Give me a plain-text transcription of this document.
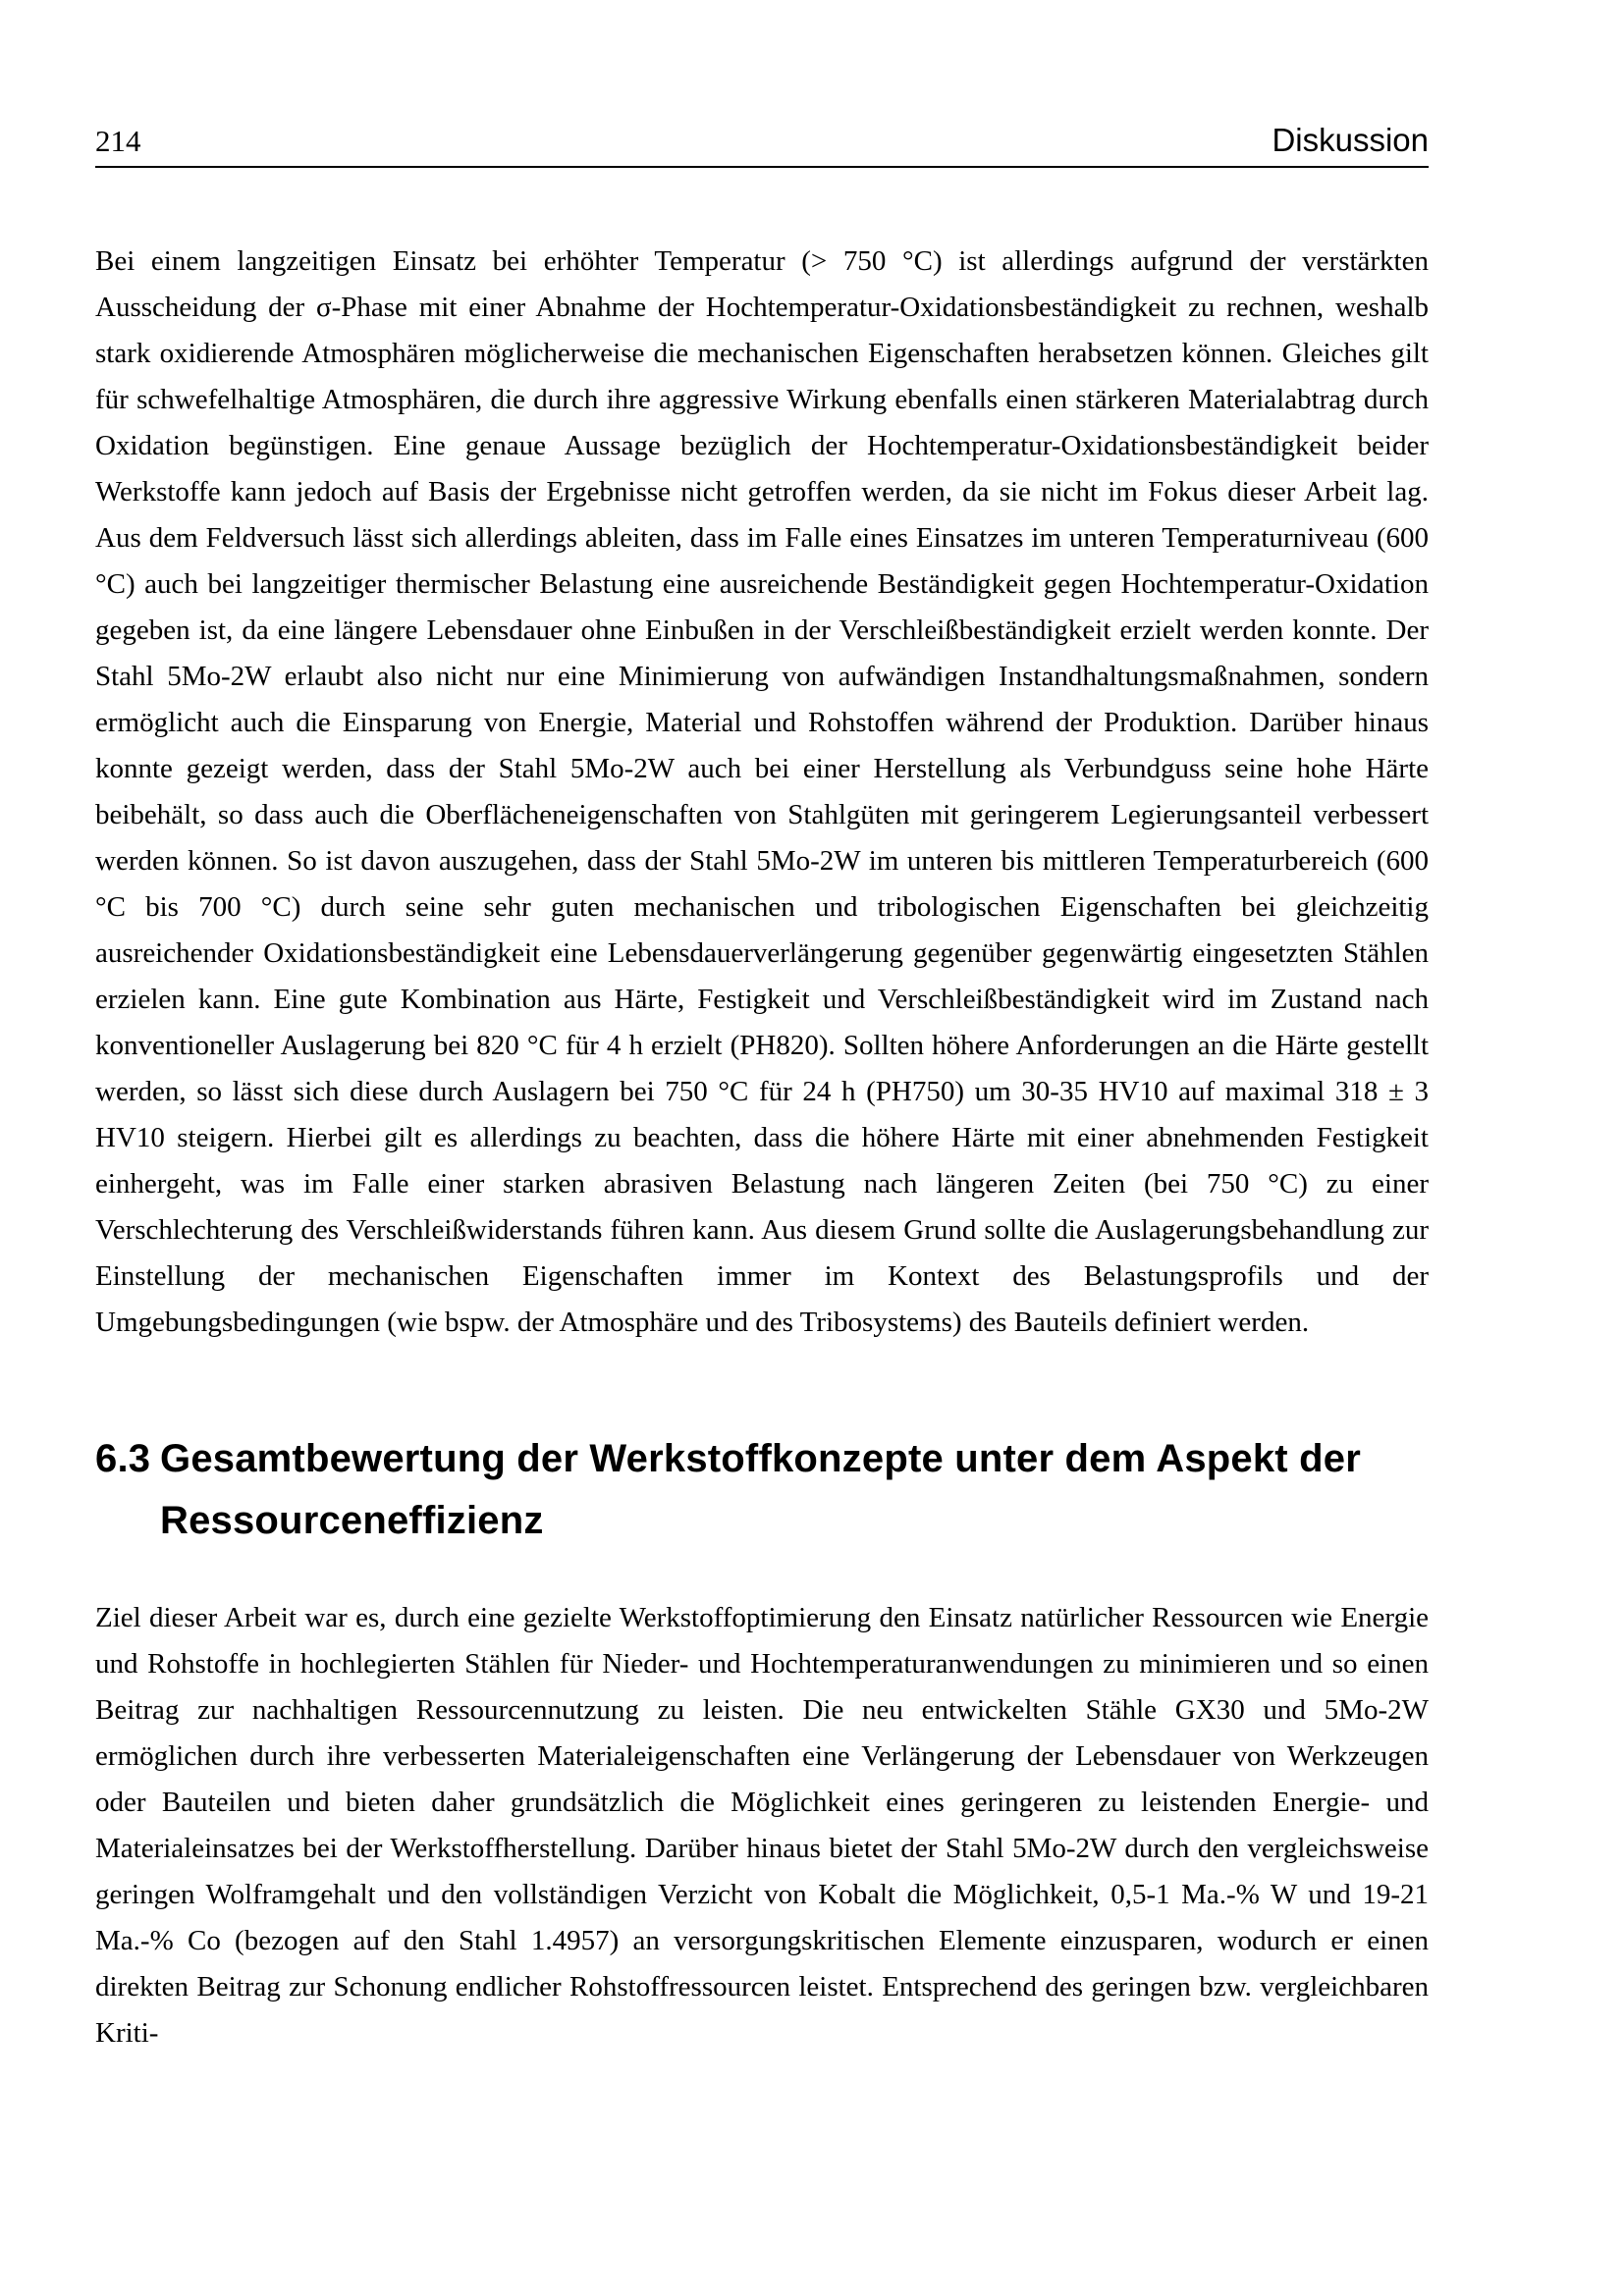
214	Diskussion

Bei einem langzeitigen Einsatz bei erhöhter Temperatur (> 750 °C) ist allerdings aufgrund der verstärkten Ausscheidung der σ-Phase mit einer Abnahme der Hochtemperatur-Oxidationsbeständigkeit zu rechnen, weshalb stark oxidierende Atmosphären möglicherweise die mechanischen Eigenschaften herabsetzen können. Gleiches gilt für schwefelhaltige Atmosphären, die durch ihre aggressive Wirkung ebenfalls einen stärkeren Materialabtrag durch Oxidation begünstigen. Eine genaue Aussage bezüglich der Hochtemperatur-Oxidationsbeständigkeit beider Werkstoffe kann jedoch auf Basis der Ergebnisse nicht getroffen werden, da sie nicht im Fokus dieser Arbeit lag. Aus dem Feldversuch lässt sich allerdings ableiten, dass im Falle eines Einsatzes im unteren Temperaturniveau (600 °C) auch bei langzeitiger thermischer Belastung eine ausreichende Beständigkeit gegen Hochtemperatur-Oxidation gegeben ist, da eine längere Lebensdauer ohne Einbußen in der Verschleißbeständigkeit erzielt werden konnte. Der Stahl 5Mo-2W erlaubt also nicht nur eine Minimierung von aufwändigen Instandhaltungsmaßnahmen, sondern ermöglicht auch die Einsparung von Energie, Material und Rohstoffen während der Produktion. Darüber hinaus konnte gezeigt werden, dass der Stahl 5Mo-2W auch bei einer Herstellung als Verbundguss seine hohe Härte beibehält, so dass auch die Oberflächeneigenschaften von Stahlgüten mit geringerem Legierungsanteil verbessert werden können. So ist davon auszugehen, dass der Stahl 5Mo-2W im unteren bis mittleren Temperaturbereich (600 °C bis 700 °C) durch seine sehr guten mechanischen und tribologischen Eigenschaften bei gleichzeitig ausreichender Oxidationsbeständigkeit eine Lebensdauerverlängerung gegenüber gegenwärtig eingesetzten Stählen erzielen kann. Eine gute Kombination aus Härte, Festigkeit und Verschleißbeständigkeit wird im Zustand nach konventioneller Auslagerung bei 820 °C für 4 h erzielt (PH820). Sollten höhere Anforderungen an die Härte gestellt werden, so lässt sich diese durch Auslagern bei 750 °C für 24 h (PH750) um 30-35 HV10 auf maximal 318 ± 3 HV10 steigern. Hierbei gilt es allerdings zu beachten, dass die höhere Härte mit einer abnehmenden Festigkeit einhergeht, was im Falle einer starken abrasiven Belastung nach längeren Zeiten (bei 750 °C) zu einer Verschlechterung des Verschleißwiderstands führen kann. Aus diesem Grund sollte die Auslagerungsbehandlung zur Einstellung der mechanischen Eigenschaften immer im Kontext des Belastungsprofils und der Umgebungsbedingungen (wie bspw. der Atmosphäre und des Tribosystems) des Bauteils definiert werden.

6.3 Gesamtbewertung der Werkstoffkonzepte unter dem Aspekt der Ressourceneffizienz

Ziel dieser Arbeit war es, durch eine gezielte Werkstoffoptimierung den Einsatz natürlicher Ressourcen wie Energie und Rohstoffe in hochlegierten Stählen für Nieder- und Hochtemperaturanwendungen zu minimieren und so einen Beitrag zur nachhaltigen Ressourcennutzung zu leisten. Die neu entwickelten Stähle GX30 und 5Mo-2W ermöglichen durch ihre verbesserten Materialeigenschaften eine Verlängerung der Lebensdauer von Werkzeugen oder Bauteilen und bieten daher grundsätzlich die Möglichkeit eines geringeren zu leistenden Energie- und Materialeinsatzes bei der Werkstoffherstellung. Darüber hinaus bietet der Stahl 5Mo-2W durch den vergleichsweise geringen Wolframgehalt und den vollständigen Verzicht von Kobalt die Möglichkeit, 0,5-1 Ma.-% W und 19-21 Ma.-% Co (bezogen auf den Stahl 1.4957) an versorgungskritischen Elemente einzusparen, wodurch er einen direkten Beitrag zur Schonung endlicher Rohstoffressourcen leistet. Entsprechend des geringen bzw. vergleichbaren Kriti-
